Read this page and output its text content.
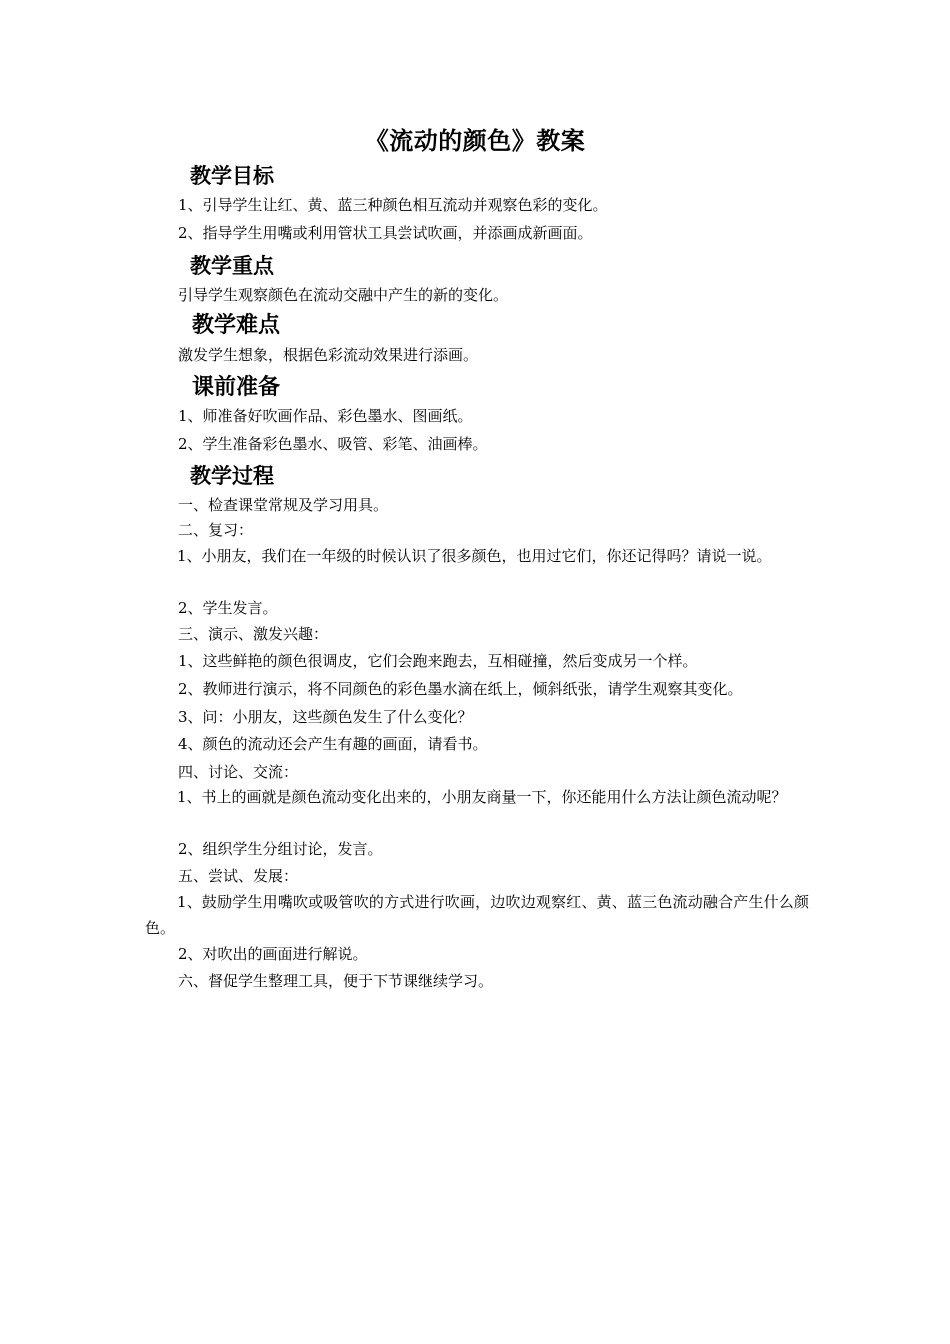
《流动的颜色》教案
教学目标
1、引导学生让红、黄、蓝三种颜色相互流动并观察色彩的变化。
2、指导学生用嘴或利用管状工具尝试吹画，并添画成新画面。
教学重点
引导学生观察颜色在流动交融中产生的新的变化。
教学难点
激发学生想象，根据色彩流动效果进行添画。
课前准备
1、师准备好吹画作品、彩色墨水、图画纸。
2、学生准备彩色墨水、吸管、彩笔、油画棒。
教学过程
一、检查课堂常规及学习用具。
二、复习：
1、小朋友，我们在一年级的时候认识了很多颜色，也用过它们，你还记得吗？请说一说。
2、学生发言。
三、演示、激发兴趣：
1、这些鲜艳的颜色很调皮，它们会跑来跑去，互相碰撞，然后变成另一个样。
2、教师进行演示，将不同颜色的彩色墨水滴在纸上，倾斜纸张，请学生观察其变化。
3、问：小朋友，这些颜色发生了什么变化？
4、颜色的流动还会产生有趣的画面，请看书。
四、讨论、交流：
1、书上的画就是颜色流动变化出来的，小朋友商量一下，你还能用什么方法让颜色流动呢？
2、组织学生分组讨论，发言。
五、尝试、发展：
1、鼓励学生用嘴吹或吸管吹的方式进行吹画，边吹边观察红、黄、蓝三色流动融合产生什么颜色。
2、对吹出的画面进行解说。
六、督促学生整理工具，便于下节课继续学习。
